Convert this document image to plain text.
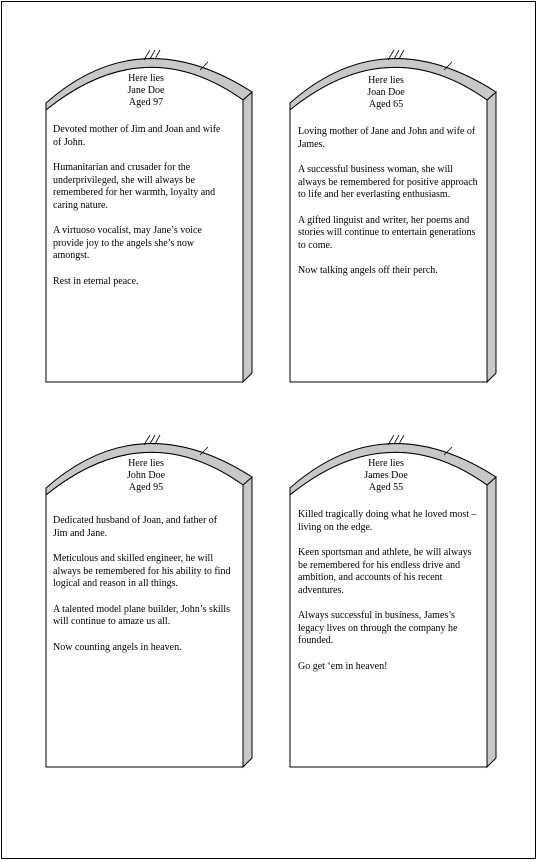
Here lies
Jane Doe
Aged 97

Devoted mother of Jim and Joan and wife of John.

Humanitarian and crusader for the underprivileged, she will always be remembered for her warmth, loyalty and caring nature.

A virtuoso vocalist, may Jane’s voice provide joy to the angels she’s now amongst.

Rest in eternal peace.

Here lies
Joan Doe
Aged 65

Loving mother of Jane and John and wife of James.

A successful business woman, she will always be remembered for positive approach to life and her everlasting enthusiasm.

A gifted linguist and writer, her poems and stories will continue to entertain generations to come.

Now talking angels off their perch.

Here lies
John Doe
Aged 95

Dedicated husband of Joan, and father of Jim and Jane.

Meticulous and skilled engineer, he will always be remembered for his ability to find logical and reason in all things.

A talented model plane builder, John’s skills will continue to amaze us all.

Now counting angels in heaven.

Here lies
James Doe
Aged 55

Killed tragically doing what he loved most – living on the edge.

Keen sportsman and athlete, he will always be remembered for his endless drive and ambition, and accounts of his recent adventures.

Always successful in business, James’s legacy lives on through the company he founded.

Go get ‘em in heaven!
